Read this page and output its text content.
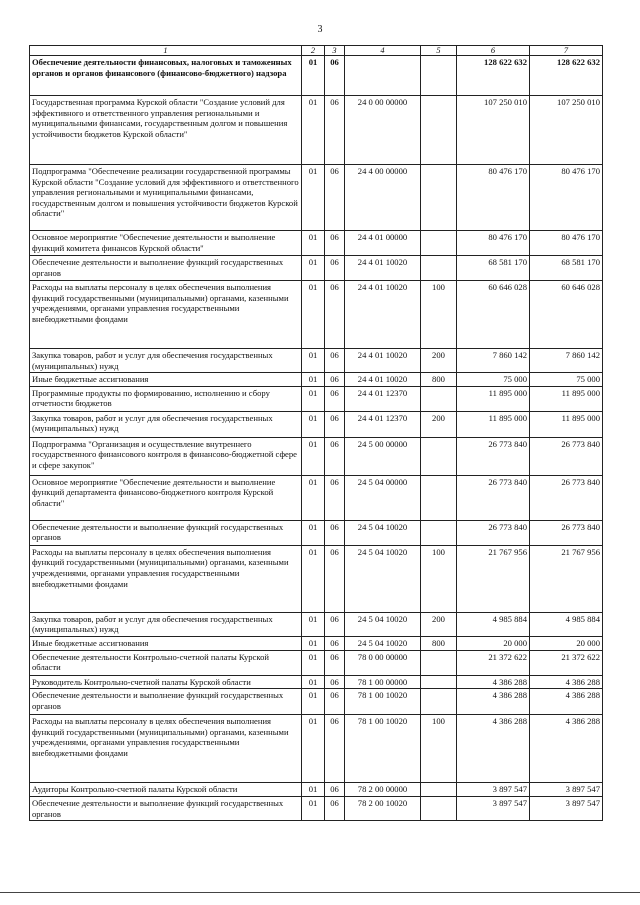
3
1	2	3	4	5	6	7
Обеспечение деятельности финансовых, налоговых и таможенных органов и органов финансового (финансово-бюджетного) надзора	01	06			128 622 632	128 622 632
Государственная программа Курской области "Создание условий для эффективного и ответственного управления региональными и муниципальными финансами, государственным долгом и повышения устойчивости бюджетов Курской области"	01	06	24 0 00 00000		107 250 010	107 250 010
Подпрограмма "Обеспечение реализации государственной программы Курской области "Создание условий для эффективного и ответственного управления региональными и муниципальными финансами, государственным долгом и повышения устойчивости бюджетов Курской области"	01	06	24 4 00 00000		80 476 170	80 476 170
Основное мероприятие "Обеспечение деятельности и выполнение функций комитета финансов Курской области"	01	06	24 4 01 00000		80 476 170	80 476 170
Обеспечение деятельности и выполнение функций государственных органов	01	06	24 4 01 10020		68 581 170	68 581 170
Расходы на выплаты персоналу в целях обеспечения выполнения функций государственными (муниципальными) органами, казенными учреждениями, органами управления государственными внебюджетными фондами	01	06	24 4 01 10020	100	60 646 028	60 646 028
Закупка товаров, работ и услуг для обеспечения государственных (муниципальных) нужд	01	06	24 4 01 10020	200	7 860 142	7 860 142
Иные бюджетные ассигнования	01	06	24 4 01 10020	800	75 000	75 000
Программные продукты по формированию, исполнению и сбору отчетности бюджетов	01	06	24 4 01 12370		11 895 000	11 895 000
Закупка товаров, работ и услуг для обеспечения государственных (муниципальных) нужд	01	06	24 4 01 12370	200	11 895 000	11 895 000
Подпрограмма "Организация и осуществление внутреннего государственного финансового контроля в финансово-бюджетной сфере и сфере закупок"	01	06	24 5 00 00000		26 773 840	26 773 840
Основное мероприятие "Обеспечение деятельности и выполнение функций департамента финансово-бюджетного контроля Курской области"	01	06	24 5 04 00000		26 773 840	26 773 840
Обеспечение деятельности и выполнение функций государственных органов	01	06	24 5 04 10020		26 773 840	26 773 840
Расходы на выплаты персоналу в целях обеспечения выполнения функций государственными (муниципальными) органами, казенными учреждениями, органами управления государственными внебюджетными фондами	01	06	24 5 04 10020	100	21 767 956	21 767 956
Закупка товаров, работ и услуг для обеспечения государственных (муниципальных) нужд	01	06	24 5 04 10020	200	4 985 884	4 985 884
Иные бюджетные ассигнования	01	06	24 5 04 10020	800	20 000	20 000
Обеспечение деятельности Контрольно-счетной палаты Курской области	01	06	78 0 00 00000		21 372 622	21 372 622
Руководитель Контрольно-счетной палаты Курской области	01	06	78 1 00 00000		4 386 288	4 386 288
Обеспечение деятельности и выполнение функций государственных органов	01	06	78 1 00 10020		4 386 288	4 386 288
Расходы на выплаты персоналу в целях обеспечения выполнения функций государственными (муниципальными) органами, казенными учреждениями, органами управления государственными внебюджетными фондами	01	06	78 1 00 10020	100	4 386 288	4 386 288
Аудиторы Контрольно-счетной палаты Курской области	01	06	78 2 00 00000		3 897 547	3 897 547
Обеспечение деятельности и выполнение функций государственных органов	01	06	78 2 00 10020		3 897 547	3 897 547
